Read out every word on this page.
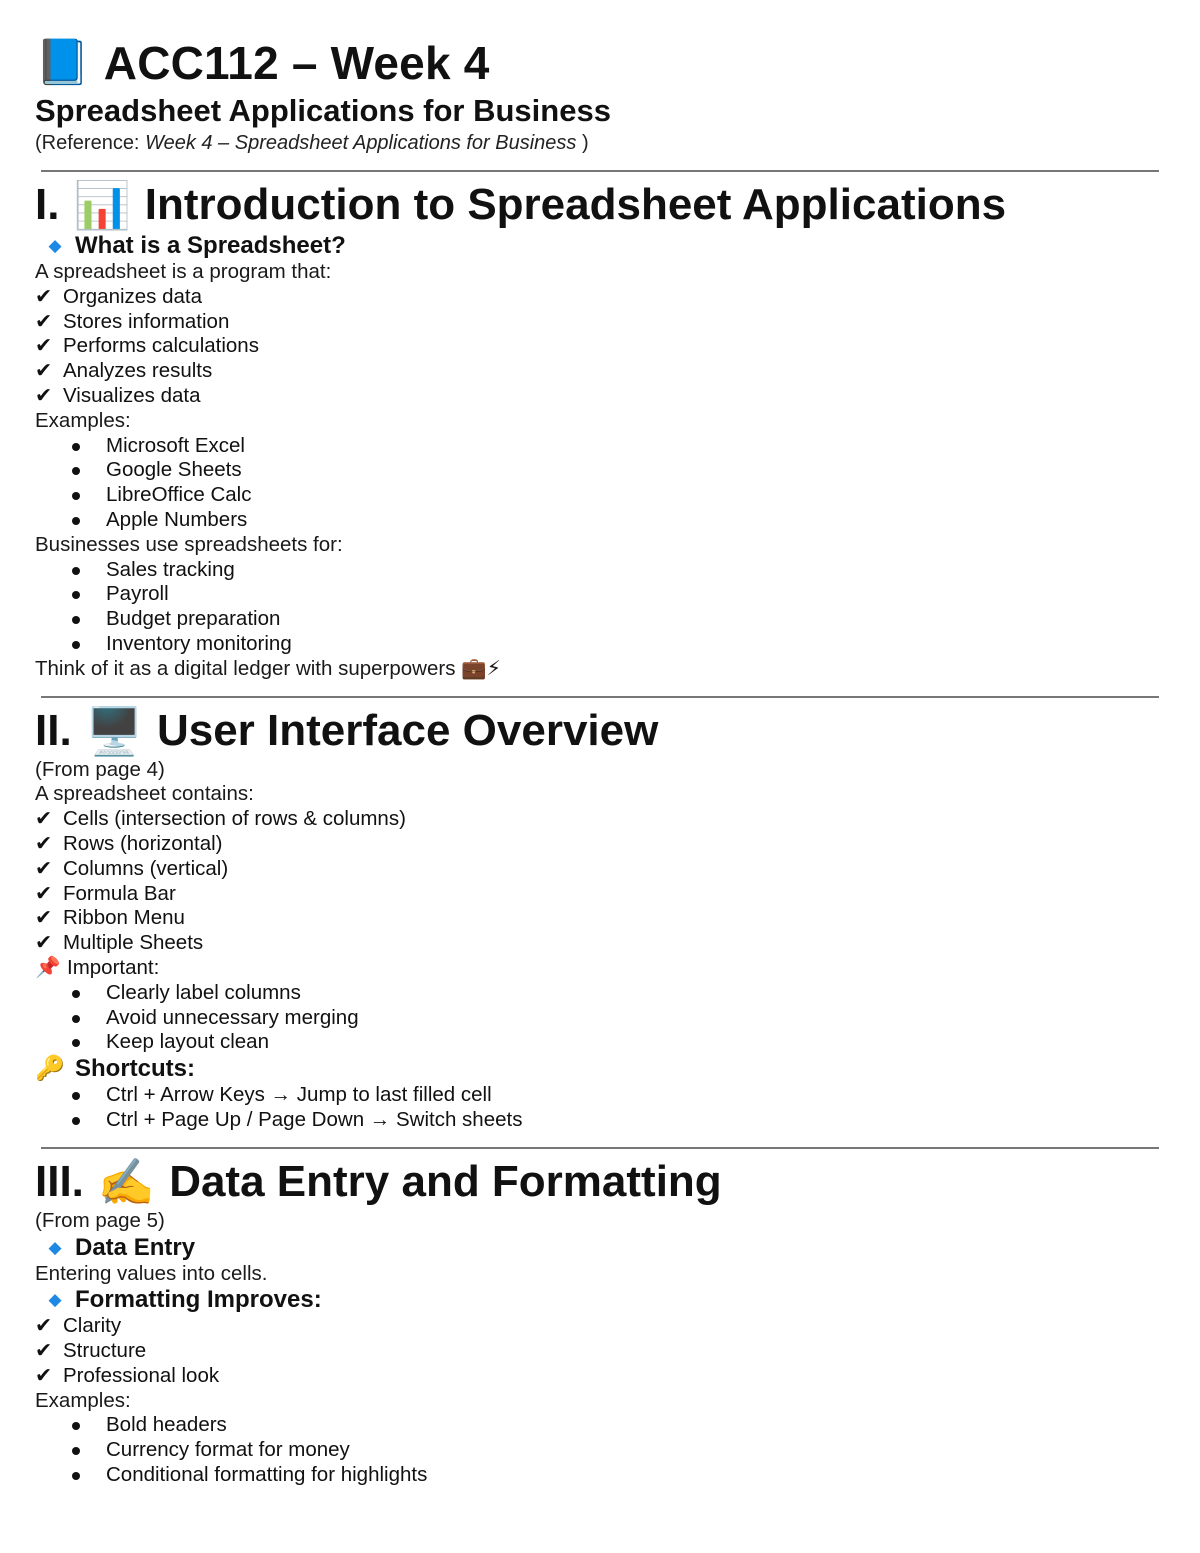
📘 ACC112 – Week 4
Spreadsheet Applications for Business
(Reference: Week 4 – Spreadsheet Applications for Business )
I. 📊 Introduction to Spreadsheet Applications
◆ What is a Spreadsheet?
A spreadsheet is a program that:
✔ Organizes data
✔ Stores information
✔ Performs calculations
✔ Analyzes results
✔ Visualizes data
Examples:
Microsoft Excel
Google Sheets
LibreOffice Calc
Apple Numbers
Businesses use spreadsheets for:
Sales tracking
Payroll
Budget preparation
Inventory monitoring
Think of it as a digital ledger with superpowers 💼⚡
II. 🖥️ User Interface Overview
(From page 4)
A spreadsheet contains:
✔ Cells (intersection of rows & columns)
✔ Rows (horizontal)
✔ Columns (vertical)
✔ Formula Bar
✔ Ribbon Menu
✔ Multiple Sheets
📌 Important:
Clearly label columns
Avoid unnecessary merging
Keep layout clean
🔑 Shortcuts:
Ctrl + Arrow Keys → Jump to last filled cell
Ctrl + Page Up / Page Down → Switch sheets
III. ✍️ Data Entry and Formatting
(From page 5)
◆ Data Entry
Entering values into cells.
◆ Formatting Improves:
✔ Clarity
✔ Structure
✔ Professional look
Examples:
Bold headers
Currency format for money
Conditional formatting for highlights
